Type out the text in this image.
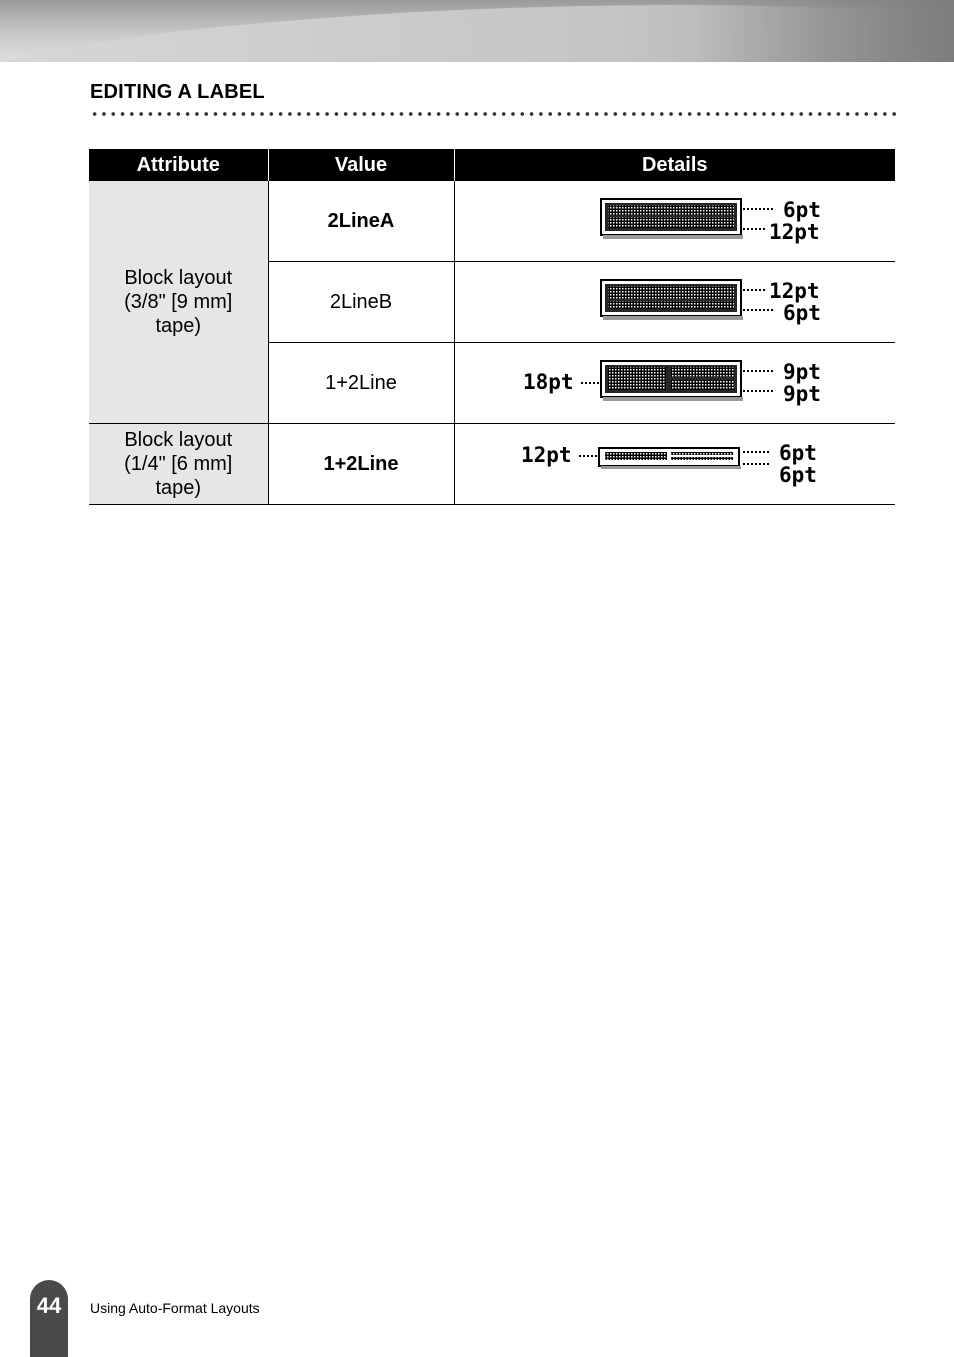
EDITING A LABEL
Attribute	Value	Details

Block layout
(3/8" [9 mm]
tape)	2LineA	6pt
12pt

	2LineB	12pt
6pt

	1+2Line	18pt 9pt
9pt

Block layout
(1/4" [6 mm]
tape)	1+2Line	12pt 6pt
6pt
44	Using Auto-Format Layouts
